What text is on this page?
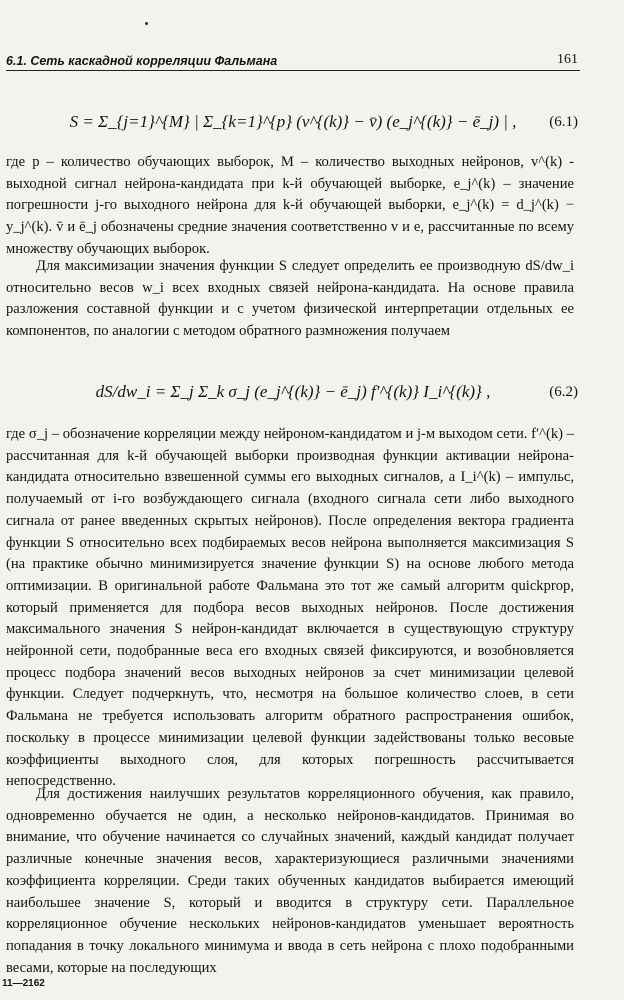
6.1. Сеть каскадной корреляции Фальмана	161
S = Σ_{j=1}^{M} | Σ_{k=1}^{p} (v^{(k)} − v̄) (e_j^{(k)} − ē_j) | ,	(6.1)
где p – количество обучающих выборок, M – количество выходных нейронов, v^(k) - выходной сигнал нейрона-кандидата при k-й обучающей выборке, e_j^(k) – значение погрешности j-го выходного нейрона для k-й обучающей выборки, e_j^(k) = d_j^(k) − y_j^(k). v̄ и ē_j обозначены средние значения соответственно v и e, рассчитанные по всему множеству обучающих выборок.
Для максимизации значения функции S следует определить ее производную dS/dw_i относительно весов w_i всех входных связей нейрона-кандидата. На основе правила разложения составной функции и с учетом физической интерпретации отдельных ее компонентов, по аналогии с методом обратного размножения получаем
dS/dw_i = Σ_j Σ_k σ_j (e_j^{(k)} − ē_j) f′^{(k)} I_i^{(k)} ,	(6.2)
где σ_j – обозначение корреляции между нейроном-кандидатом и j-м выходом сети. f′^(k) – рассчитанная для k-й обучающей выборки производная функции активации нейрона-кандидата относительно взвешенной суммы его выходных сигналов, а I_i^(k) – импульс, получаемый от i-го возбуждающего сигнала (входного сигнала сети либо выходного сигнала от ранее введенных скрытых нейронов). После определения вектора градиента функции S относительно всех подбираемых весов нейрона выполняется максимизация S (на практике обычно минимизируется значение функции S) на основе любого метода оптимизации. В оригинальной работе Фальмана это тот же самый алгоритм quickprop, который применяется для подбора весов выходных нейронов. После достижения максимального значения S нейрон-кандидат включается в существующую структуру нейронной сети, подобранные веса его входных связей фиксируются, и возобновляется процесс подбора значений весов выходных нейронов за счет минимизации целевой функции. Следует подчеркнуть, что, несмотря на большое количество слоев, в сети Фальмана не требуется использовать алгоритм обратного распространения ошибок, поскольку в процессе минимизации целевой функции задействованы только весовые коэффициенты выходного слоя, для которых погрешность рассчитывается непосредственно.
Для достижения наилучших результатов корреляционного обучения, как правило, одновременно обучается не один, а несколько нейронов-кандидатов. Принимая во внимание, что обучение начинается со случайных значений, каждый кандидат получает различные конечные значения весов, характеризующиеся различными значениями коэффициента корреляции. Среди таких обученных кандидатов выбирается имеющий наибольшее значение S, который и вводится в структуру сети. Параллельное корреляционное обучение нескольких нейронов-кандидатов уменьшает вероятность попадания в точку локального минимума и ввода в сеть нейрона с плохо подобранными весами, которые на последующих
11—2162
